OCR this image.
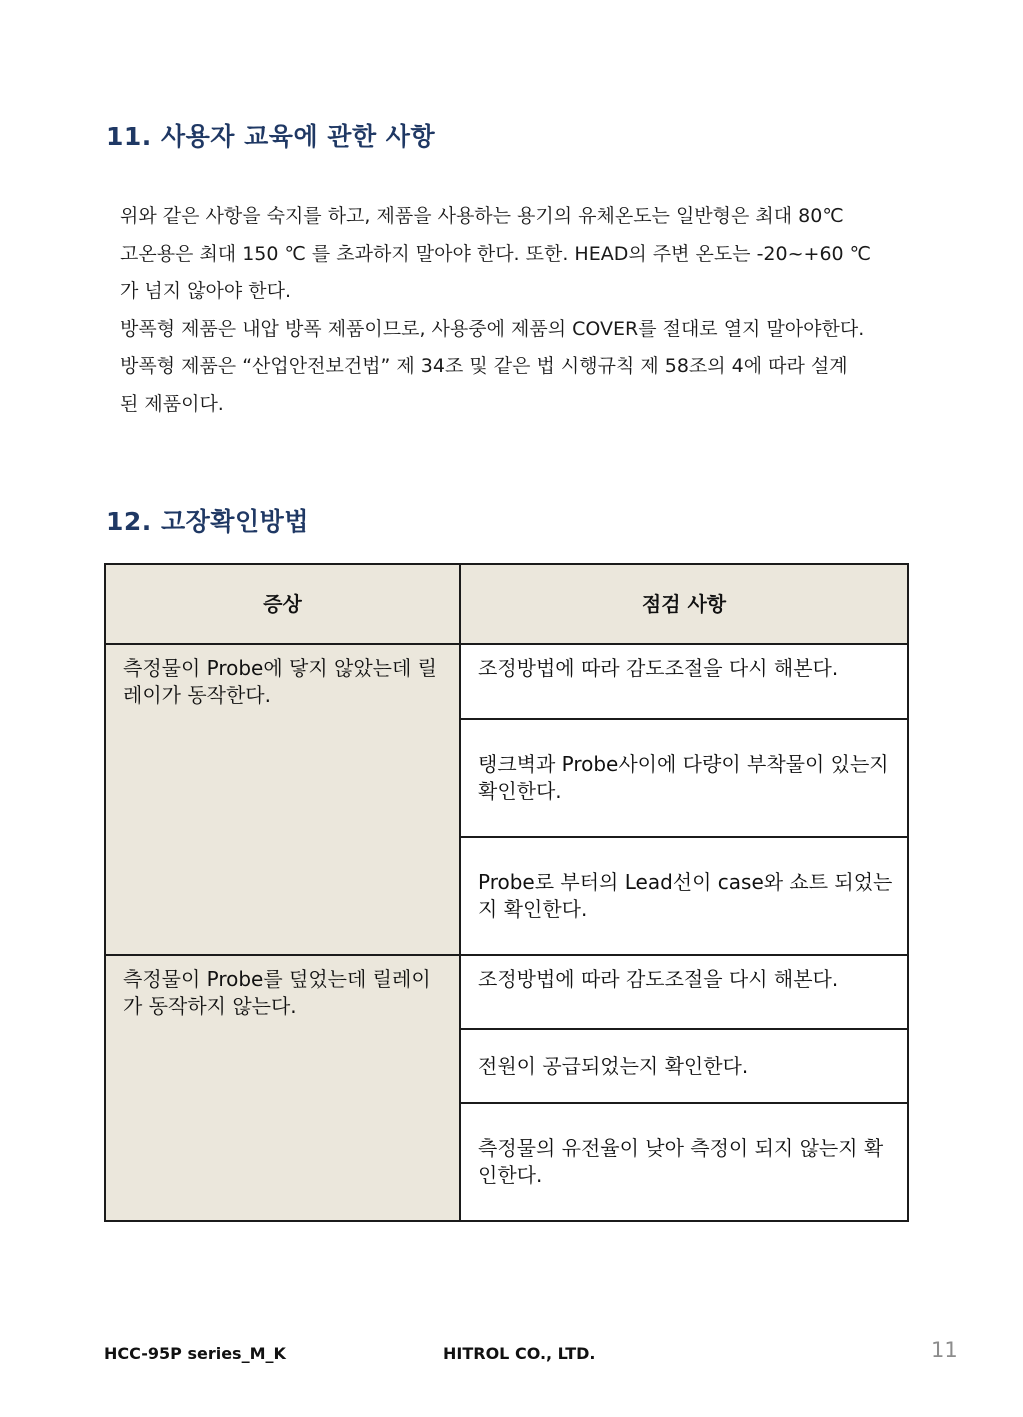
11. 사용자 교육에 관한 사항

위와 같은 사항을 숙지를 하고, 제품을 사용하는 용기의 유체온도는 일반형은 최대 80℃

고온용은 최대 150 ℃ 를 초과하지 말아야 한다. 또한. HEAD의 주변 온도는 -20~+60 ℃

가 넘지 않아야 한다.

방폭형 제품은 내압 방폭 제품이므로, 사용중에 제품의 COVER를 절대로 열지 말아야한다.

방폭형 제품은 “산업안전보건법” 제 34조 및 같은 법 시행규칙 제 58조의 4에 따라 설계

된 제품이다.

12. 고장확인방법
증상	점검 사항
측정물이 Probe에 닿지 않았는데 릴레이가 동작한다.	조정방법에 따라 감도조절을 다시 해본다.
	탱크벽과 Probe사이에 다량이 부착물이 있는지 확인한다.
	Probe로 부터의 Lead선이 case와 쇼트 되었는지 확인한다.
측정물이 Probe를 덮었는데 릴레이가 동작하지 않는다.	조정방법에 따라 감도조절을 다시 해본다.
	전원이 공급되었는지 확인한다.
	측정물의 유전율이 낮아 측정이 되지 않는지 확인한다.
HCC-95P series_M_K	HITROL CO., LTD.	11
